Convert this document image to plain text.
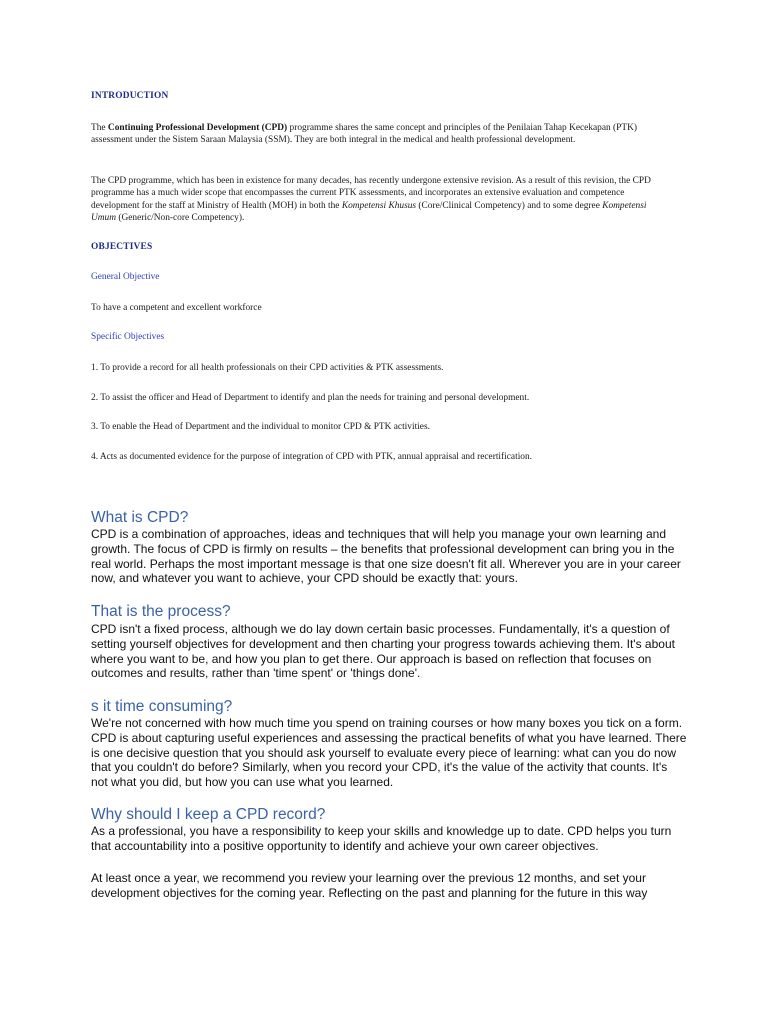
INTRODUCTION

The Continuing Professional Development (CPD) programme shares the same concept and principles of the Penilaian Tahap Kecekapan (PTK) assessment under the Sistem Saraan Malaysia (SSM). They are both integral in the medical and health professional development.

The CPD programme, which has been in existence for many decades, has recently undergone extensive revision. As a result of this revision, the CPD programme has a much wider scope that encompasses the current PTK assessments, and incorporates an extensive evaluation and competence development for the staff at Ministry of Health (MOH) in both the Kompetensi Khusus (Core/Clinical Competency) and to some degree Kompetensi Umum (Generic/Non-core Competency).

OBJECTIVES
General Objective
To have a competent and excellent workforce
Specific Objectives
1. To provide a record for all health professionals on their CPD activities & PTK assessments.
2. To assist the officer and Head of Department to identify and plan the needs for training and personal development.
3. To enable the Head of Department and the individual to monitor CPD & PTK activities.
4. Acts as documented evidence for the purpose of integration of CPD with PTK, annual appraisal and recertification.
What is CPD?

CPD is a combination of approaches, ideas and techniques that will help you manage your own learning and growth. The focus of CPD is firmly on results – the benefits that professional development can bring you in the real world. Perhaps the most important message is that one size doesn't fit all. Wherever you are in your career now, and whatever you want to achieve, your CPD should be exactly that: yours.

That is the process?

CPD isn't a fixed process, although we do lay down certain basic processes. Fundamentally, it's a question of setting yourself objectives for development and then charting your progress towards achieving them. It's about where you want to be, and how you plan to get there. Our approach is based on reflection that focuses on outcomes and results, rather than 'time spent' or 'things done'.

s it time consuming?

We're not concerned with how much time you spend on training courses or how many boxes you tick on a form. CPD is about capturing useful experiences and assessing the practical benefits of what you have learned. There is one decisive question that you should ask yourself to evaluate every piece of learning: what can you do now that you couldn't do before? Similarly, when you record your CPD, it's the value of the activity that counts. It's not what you did, but how you can use what you learned.

Why should I keep a CPD record?

As a professional, you have a responsibility to keep your skills and knowledge up to date. CPD helps you turn that accountability into a positive opportunity to identify and achieve your own career objectives.

At least once a year, we recommend you review your learning over the previous 12 months, and set your development objectives for the coming year. Reflecting on the past and planning for the future in this way
